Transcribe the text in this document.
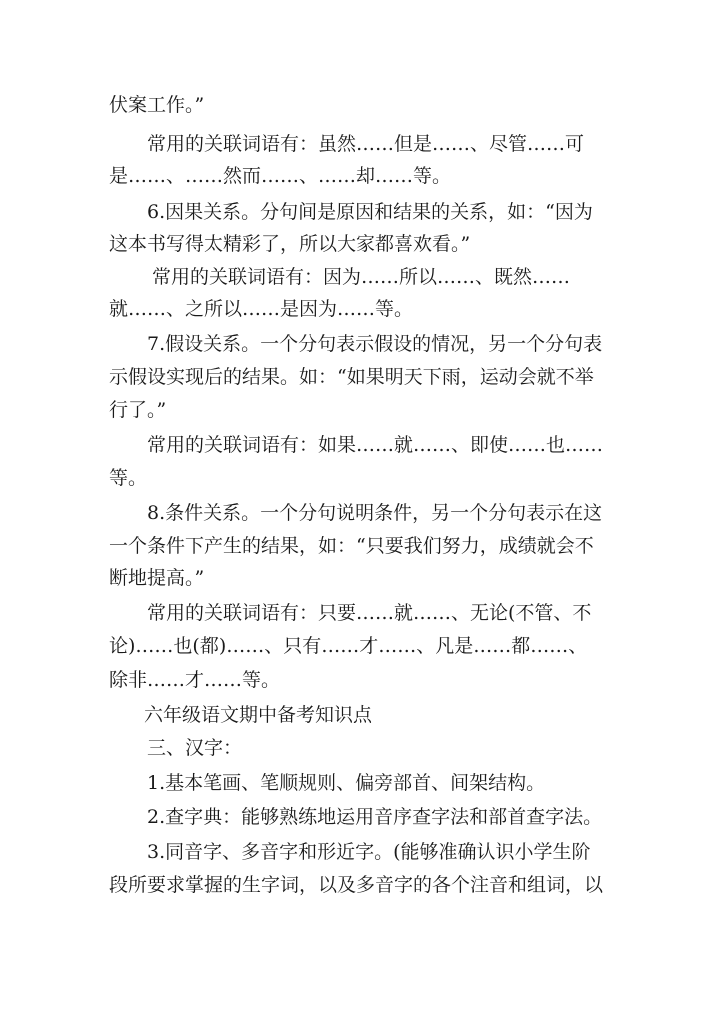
伏案工作。”
常用的关联词语有：虽然……但是……、尽管……可
是……、……然而……、……却……等。
6.因果关系。分句间是原因和结果的关系，如：“因为
这本书写得太精彩了，所以大家都喜欢看。”
常用的关联词语有：因为……所以……、既然……
就……、之所以……是因为……等。
7.假设关系。一个分句表示假设的情况，另一个分句表
示假设实现后的结果。如：“如果明天下雨，运动会就不举
行了。”
常用的关联词语有：如果……就……、即使……也……
等。
8.条件关系。一个分句说明条件，另一个分句表示在这
一个条件下产生的结果，如：“只要我们努力，成绩就会不
断地提高。”
常用的关联词语有：只要……就……、无论(不管、不
论)……也(都)……、只有……才……、凡是……都……、
除非……才……等。
六年级语文期中备考知识点
三、汉字：
1.基本笔画、笔顺规则、偏旁部首、间架结构。
2.查字典：能够熟练地运用音序查字法和部首查字法。
3.同音字、多音字和形近字。(能够准确认识小学生阶
段所要求掌握的生字词，以及多音字的各个注音和组词，以
